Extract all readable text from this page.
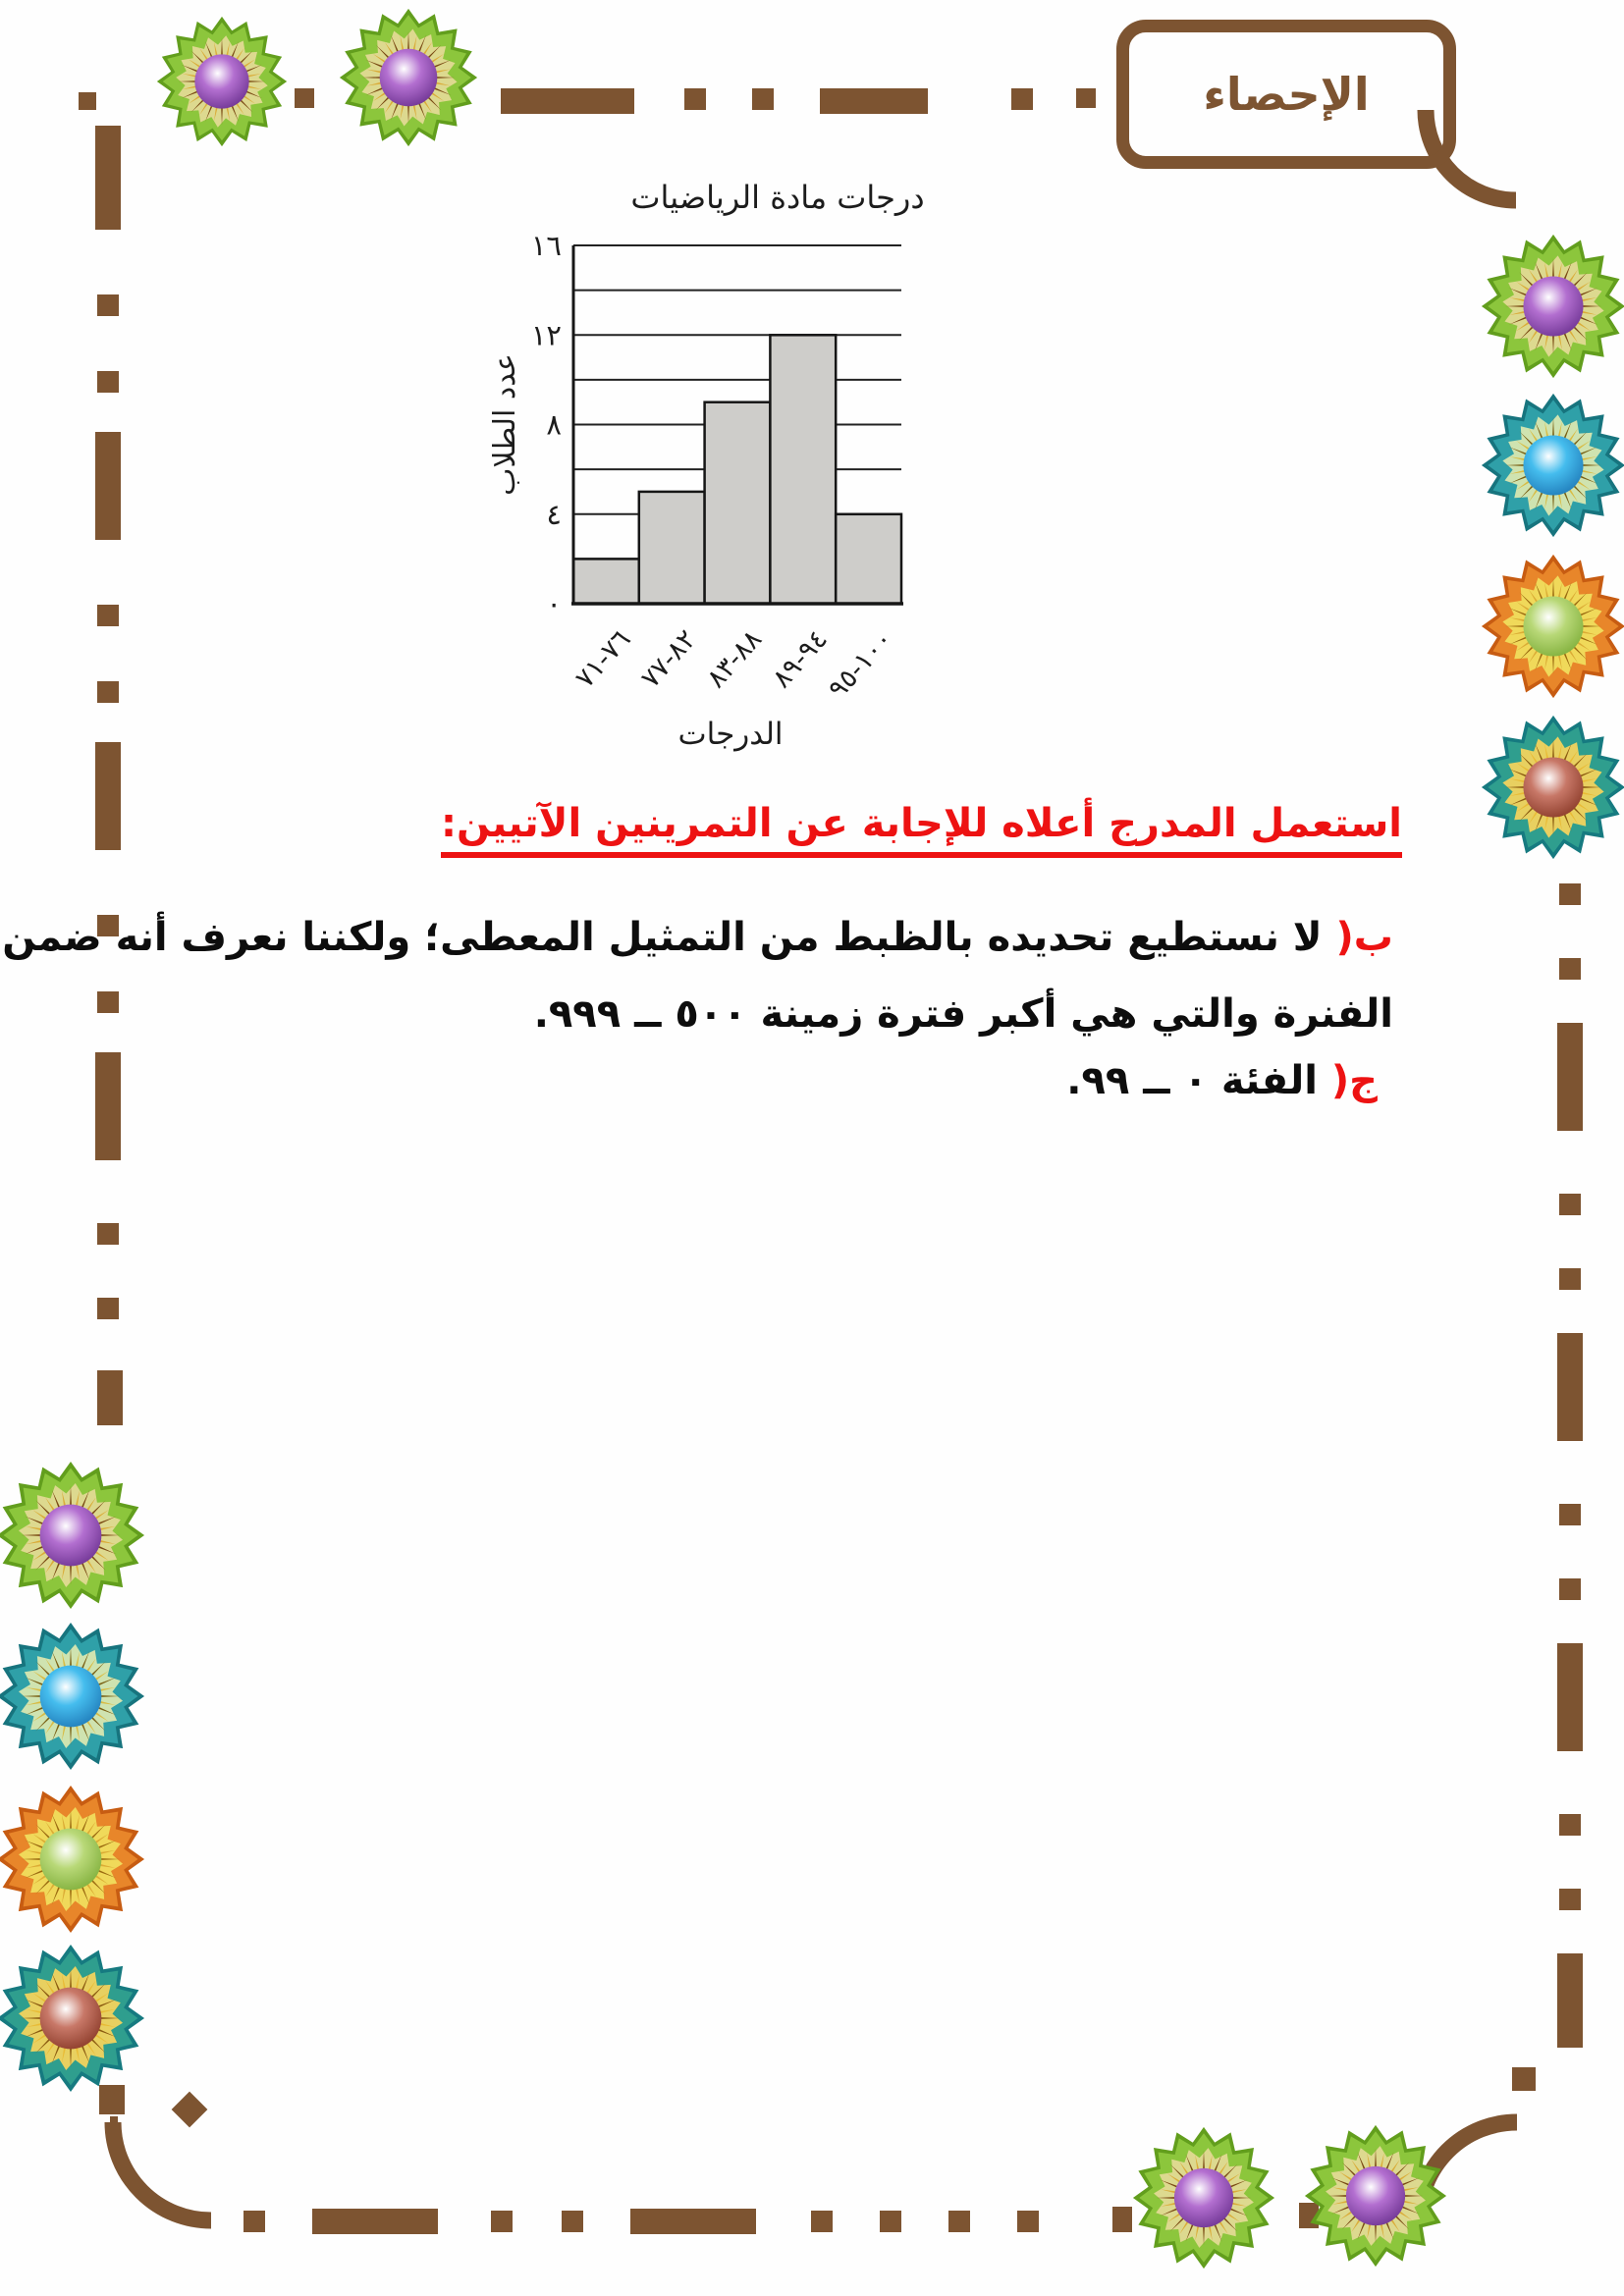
الإحصاء
٠
٤
٨
١٢
١٦
٧٦-٧١
٨٢-٧٧
٨٨-٨٣
٩٤-٨٩
١٠٠-٩٥
درجات مادة الرياضيات
عدد الطلاب
الدرجات
استعمل المدرج أعلاه للإجابة عن التمرينين الآتيين:
ب( لا نستطيع تحديده بالظبط من التمثيل المعطى؛ ولكننا نعرف أنه ضمن
الفنرة والتي هي أكبر فترة زمينة ٥٠٠ ــ ٩٩٩.
ج( الفئة ٠ ــ ٩٩.
